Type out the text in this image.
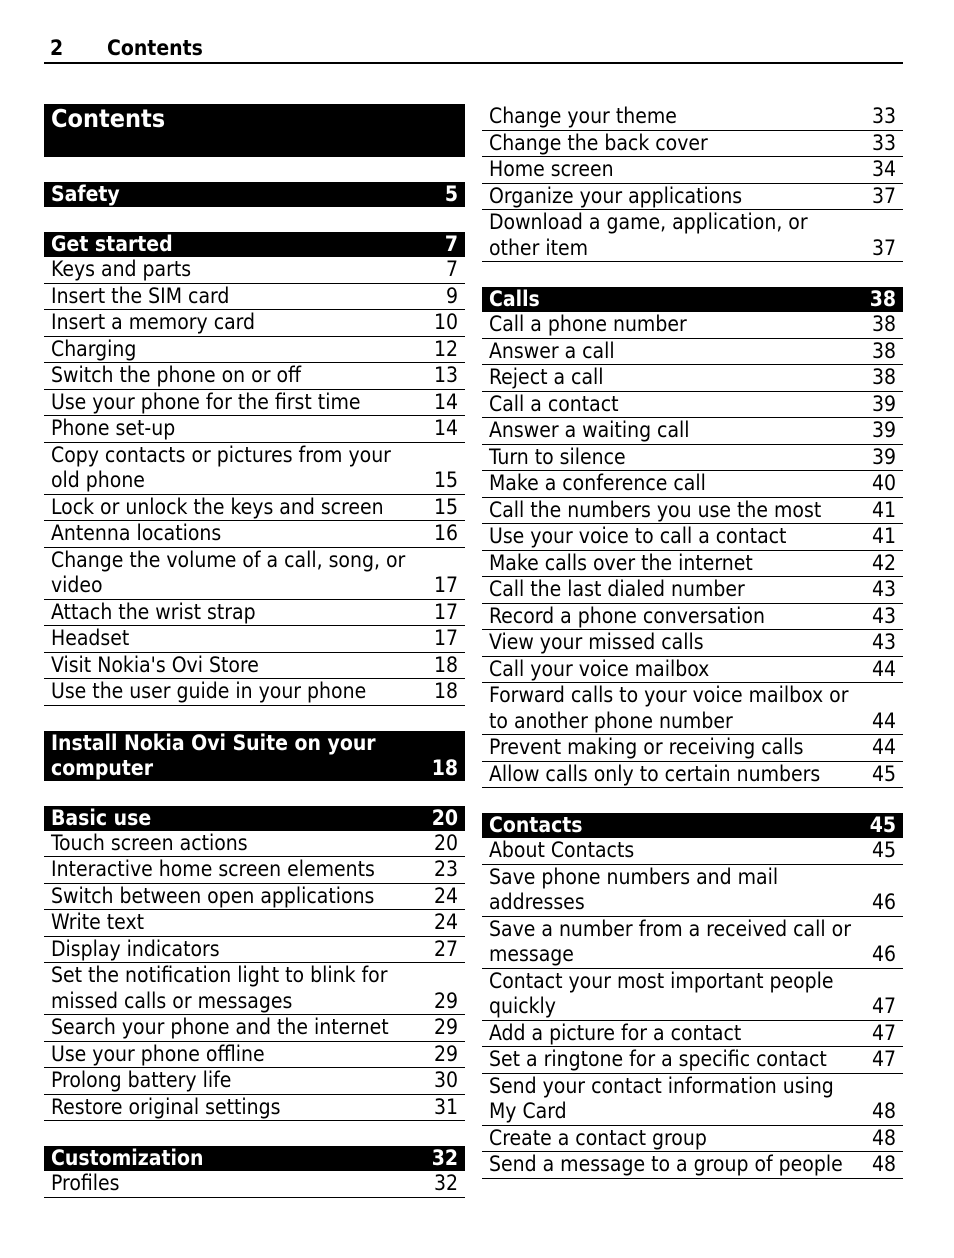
2 Contents
Contents
Safety	5
Get started	7
Keys and parts	7
Insert the SIM card	9
Insert a memory card	10
Charging	12
Switch the phone on or off	13
Use your phone for the first time	14
Phone set-up	14
Copy contacts or pictures from your old phone	15
Lock or unlock the keys and screen	15
Antenna locations	16
Change the volume of a call, song, or video	17
Attach the wrist strap	17
Headset	17
Visit Nokia's Ovi Store	18
Use the user guide in your phone	18
Install Nokia Ovi Suite on your computer	18
Basic use	20
Touch screen actions	20
Interactive home screen elements	23
Switch between open applications	24
Write text	24
Display indicators	27
Set the notification light to blink for missed calls or messages	29
Search your phone and the internet	29
Use your phone offline	29
Prolong battery life	30
Restore original settings	31
Customization	32
Profiles	32
Change your theme	33
Change the back cover	33
Home screen	34
Organize your applications	37
Download a game, application, or other item	37
Calls	38
Call a phone number	38
Answer a call	38
Reject a call	38
Call a contact	39
Answer a waiting call	39
Turn to silence	39
Make a conference call	40
Call the numbers you use the most	41
Use your voice to call a contact	41
Make calls over the internet	42
Call the last dialed number	43
Record a phone conversation	43
View your missed calls	43
Call your voice mailbox	44
Forward calls to your voice mailbox or to another phone number	44
Prevent making or receiving calls	44
Allow calls only to certain numbers	45
Contacts	45
About Contacts	45
Save phone numbers and mail addresses	46
Save a number from a received call or message	46
Contact your most important people quickly	47
Add a picture for a contact	47
Set a ringtone for a specific contact	47
Send your contact information using My Card	48
Create a contact group	48
Send a message to a group of people	48
